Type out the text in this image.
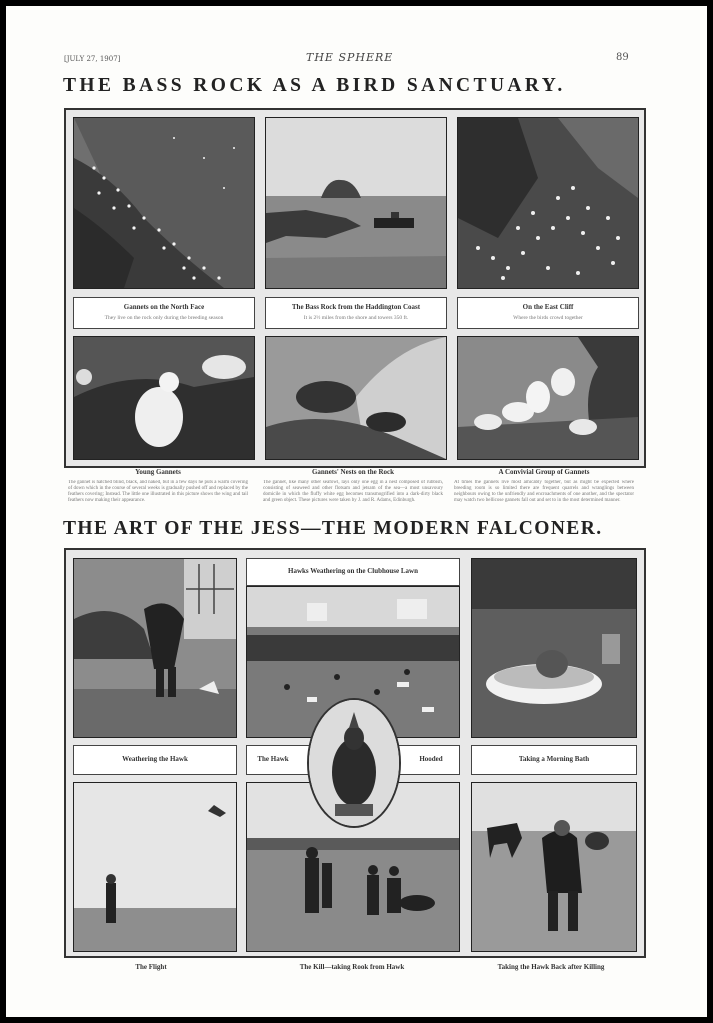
[JULY 27, 1907]	THE SPHERE	89
THE BASS ROCK AS A BIRD SANCTUARY.
Gannets on the North Face
They live on the rock only during the breeding season
The Bass Rock from the Haddington Coast
It is 2½ miles from the shore and towers 350 ft.
On the East Cliff
Where the birds crowd together
Young Gannets	Gannets' Nests on the Rock	A Convivial Group of Gannets
The gannet is hatched blind, black, and naked, but in a few days he puts a warm covering of down which in the course of several weeks is gradually pushed off and replaced by the feathers covering; Instead. The little one illustrated in this picture shows the wing and tail feathers now making their appearance.
The gannet, like many other seafowl, lays only one egg in a nest composed of rubbish, consisting of seaweed and other flotsam and jetsam of the sea—a most unsavoury domicile in which the fluffy white egg becomes transmogrified into a dark-dirty black and green object. These pictures were taken by J. and R. Adams, Edinburgh.
At times the gannets live most amicably together, but as might be expected where breeding room is so limited there are frequent quarrels and wranglings between neighbours owing to the unfriendly and encroachments of one another, and the spectator may watch two bellicose gannets fall out and set to in the most determined manner.
THE ART OF THE JESS—THE MODERN FALCONER.
Weathering the Hawk
Hawks Weathering on the Clubhouse Lawn
Taking a Morning Bath
The Hawk	Hooded
The Flight	The Kill—taking Rook from Hawk	Taking the Hawk Back after Killing
